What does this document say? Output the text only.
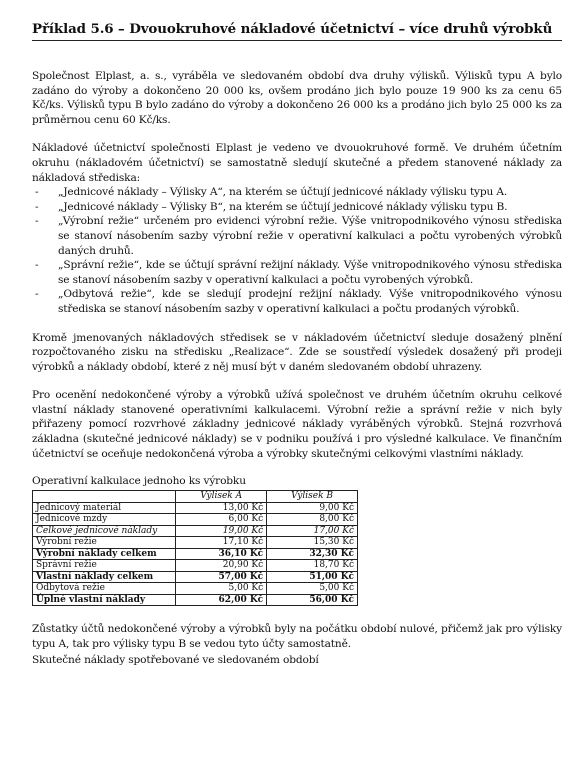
Příklad 5.6 – Dvouokruhové nákladové účetnictví – více druhů výrobků

Společnost Elplast, a. s., vyráběla ve sledovaném období dva druhy výlisků. Výlisků typu A bylo zadáno do výroby a dokončeno 20 000 ks, ovšem prodáno jich bylo pouze 19 900 ks za cenu 65 Kč/ks. Výlisků typu B bylo zadáno do výroby a dokončeno 26 000 ks a prodáno jich bylo 25 000 ks za průměrnou cenu 60 Kč/ks.

Nákladové účetnictví společnosti Elplast je vedeno ve dvouokruhové formě. Ve druhém účetním okruhu (nákladovém účetnictví) se samostatně sledují skutečné a předem stanovené náklady za nákladová střediska:

- „Jednicové náklady – Výlisky A“, na kterém se účtují jednicové náklady výlisku typu A.
- „Jednicové náklady – Výlisky B“, na kterém se účtují jednicové náklady výlisku typu B.
- „Výrobní režie“ určeném pro evidenci výrobní režie. Výše vnitropodnikového výnosu střediska se stanoví násobením sazby výrobní režie v operativní kalkulaci a počtu vyrobených výrobků daných druhů.
- „Správní režie“, kde se účtují správní režijní náklady. Výše vnitropodnikového výnosu střediska se stanoví násobením sazby v operativní kalkulaci a počtu vyrobených výrobků.
- „Odbytová režie“, kde se sledují prodejní režijní náklady. Výše vnitropodnikového výnosu střediska se stanoví násobením sazby v operativní kalkulaci a počtu prodaných výrobků.

Kromě jmenovaných nákladových středisek se v nákladovém účetnictví sleduje dosažený plnění rozpočtovaného zisku na středisku „Realizace“. Zde se soustředí výsledek dosažený při prodeji výrobků a náklady období, které z něj musí být v daném sledovaném období uhrazeny.

Pro ocenění nedokončené výroby a výrobků užívá společnost ve druhém účetním okruhu celkové vlastní náklady stanovené operativními kalkulacemi. Výrobní režie a správní režie v nich byly přiřazeny pomocí rozvrhové základny jednicové náklady vyráběných výrobků. Stejná rozvrhová základna (skutečné jednicové náklady) se v podniku používá i pro výsledné kalkulace. Ve finančním účetnictví se oceňuje nedokončená výroba a výrobky skutečnými celkovými vlastními náklady.

Operativní kalkulace jednoho ks výrobku
	Výlisek A	Výlisek B
Jednicový materiál	13,00 Kč	9,00 Kč
Jednicové mzdy	6,00 Kč	8,00 Kč
Celkové jednicové náklady	19,00 Kč	17,00 Kč
Výrobní režie	17,10 Kč	15,30 Kč
Výrobní náklady celkem	36,10 Kč	32,30 Kč
Správní režie	20,90 Kč	18,70 Kč
Vlastní náklady celkem	57,00 Kč	51,00 Kč
Odbytová režie	5,00 Kč	5,00 Kč
Úplné vlastní náklady	62,00 Kč	56,00 Kč

Zůstatky účtů nedokončené výroby a výrobků byly na počátku období nulové, přičemž jak pro výlisky typu A, tak pro výlisky typu B se vedou tyto účty samostatně.

Skutečné náklady spotřebované ve sledovaném období
